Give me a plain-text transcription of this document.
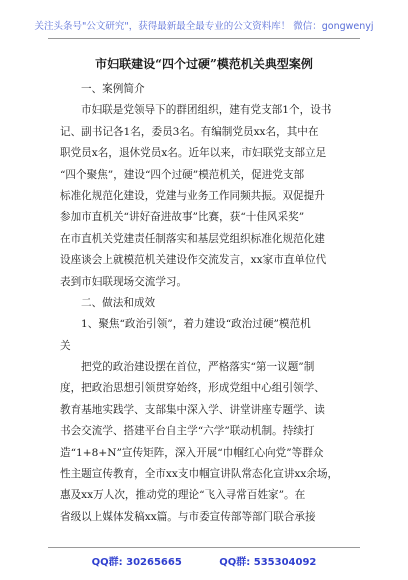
关注头条号"公文研究"，获得最新最全最专业的公文资料库！ 微信：gongwenyj
市妇联建设“四个过硬”模范机关典型案例
一、案例简介
市妇联是党领导下的群团组织，建有党支部1个，设书
记、副书记各1名，委员3名。有编制党员xx名，其中在
职党员x名，退休党员x名。近年以来，市妇联党支部立足
“四个聚焦”，建设“四个过硬”模范机关，促进党支部
标准化规范化建设，党建与业务工作同频共振。双促提升
参加市直机关“讲好奋进故事”比赛，获“十佳风采奖”
在市直机关党建责任制落实和基层党组织标准化规范化建
设座谈会上就模范机关建设作交流发言，xx家市直单位代
表到市妇联现场交流学习。
二、做法和成效
1、聚焦“政治引领”，着力建设“政治过硬”模范机
关
把党的政治建设摆在首位，严格落实“第一议题”制
度，把政治思想引领贯穿始终，形成党组中心组引领学、
教育基地实践学、支部集中深入学、讲堂讲座专题学、读
书会交流学、搭建平台自主学“六学”联动机制。持续打
造“1+8+N”宣传矩阵，深入开展“巾帼红心向党”等群众
性主题宣传教育，全市xx支巾帼宣讲队常态化宣讲xx余场，
惠及xx万人次，推动党的理论“飞入寻常百姓家”。在
省级以上媒体发稿xx篇。与市委宣传部等部门联合承接
QQ群: 30265665	QQ群: 535304092
